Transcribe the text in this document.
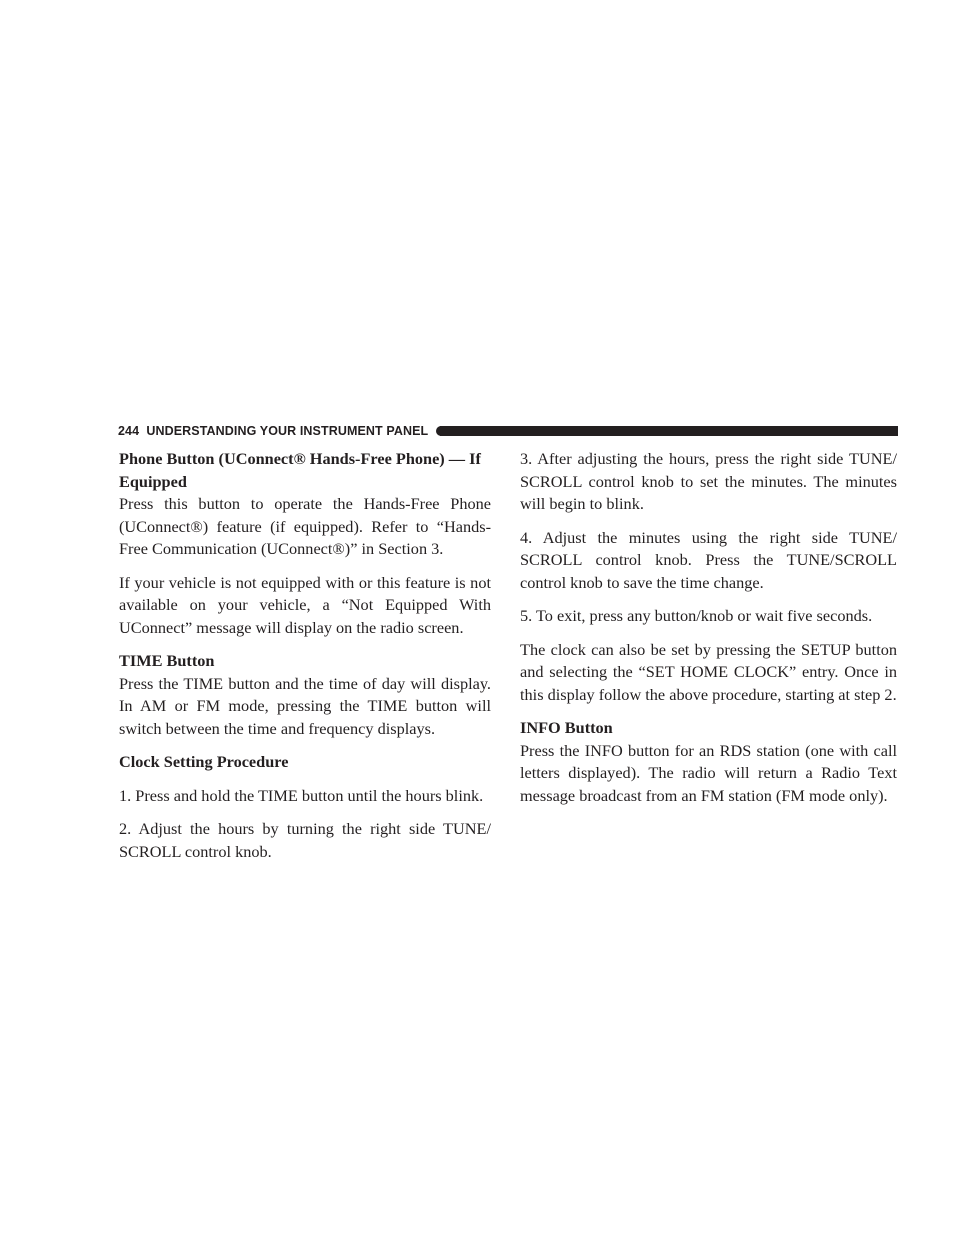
244 UNDERSTANDING YOUR INSTRUMENT PANEL
Phone Button (UConnect® Hands-Free Phone) — If Equipped

Press this button to operate the Hands-Free Phone (UConnect®) feature (if equipped). Refer to “Hands-Free Communication (UConnect®)” in Section 3.

If your vehicle is not equipped with or this feature is not available on your vehicle, a “Not Equipped With UConnect” message will display on the radio screen.

TIME Button

Press the TIME button and the time of day will display. In AM or FM mode, pressing the TIME button will switch between the time and frequency displays.

Clock Setting Procedure

1. Press and hold the TIME button until the hours blink.

2. Adjust the hours by turning the right side TUNE/ SCROLL control knob.

3. After adjusting the hours, press the right side TUNE/ SCROLL control knob to set the minutes. The minutes will begin to blink.

4. Adjust the minutes using the right side TUNE/ SCROLL control knob. Press the TUNE/SCROLL control knob to save the time change.

5. To exit, press any button/knob or wait five seconds.

The clock can also be set by pressing the SETUP button and selecting the “SET HOME CLOCK” entry. Once in this display follow the above procedure, starting at step 2.

INFO Button

Press the INFO button for an RDS station (one with call letters displayed). The radio will return a Radio Text message broadcast from an FM station (FM mode only).
